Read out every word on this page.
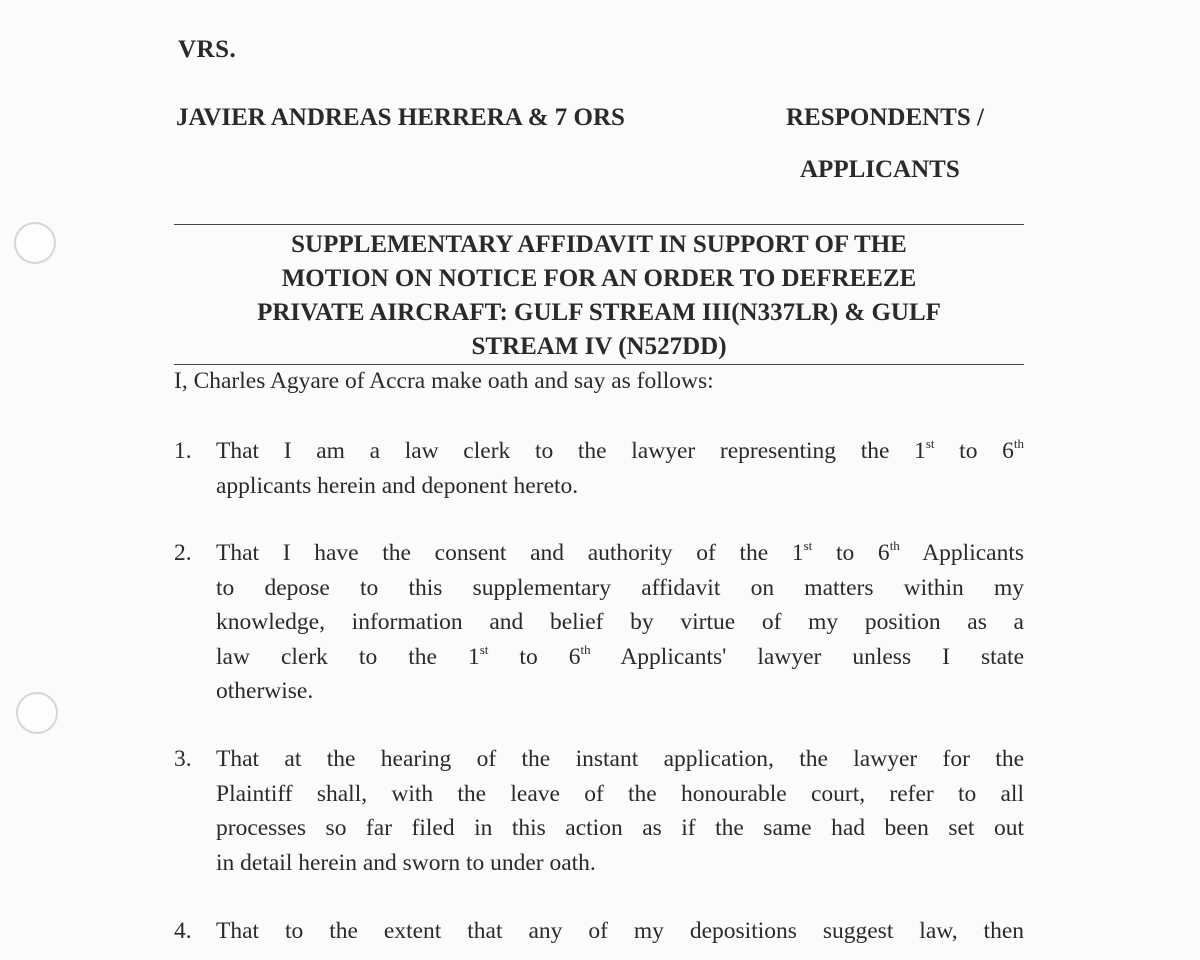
VRS.
JAVIER ANDREAS HERRERA & 7 ORS	RESPONDENTS /
APPLICANTS
SUPPLEMENTARY AFFIDAVIT IN SUPPORT OF THE
MOTION ON NOTICE FOR AN ORDER TO DEFREEZE
PRIVATE AIRCRAFT: GULF STREAM III(N337LR) & GULF
STREAM IV (N527DD)
I, Charles Agyare of Accra make oath and say as follows:
1. That I am a law clerk to the lawyer representing the 1st to 6th
applicants herein and deponent hereto.
2. That I have the consent and authority of the 1st to 6th Applicants
to depose to this supplementary affidavit on matters within my
knowledge, information and belief by virtue of my position as a
law clerk to the 1st to 6th Applicants' lawyer unless I state
otherwise.
3. That at the hearing of the instant application, the lawyer for the
Plaintiff shall, with the leave of the honourable court, refer to all
processes so far filed in this action as if the same had been set out
in detail herein and sworn to under oath.
4. That to the extent that any of my depositions suggest law, then
